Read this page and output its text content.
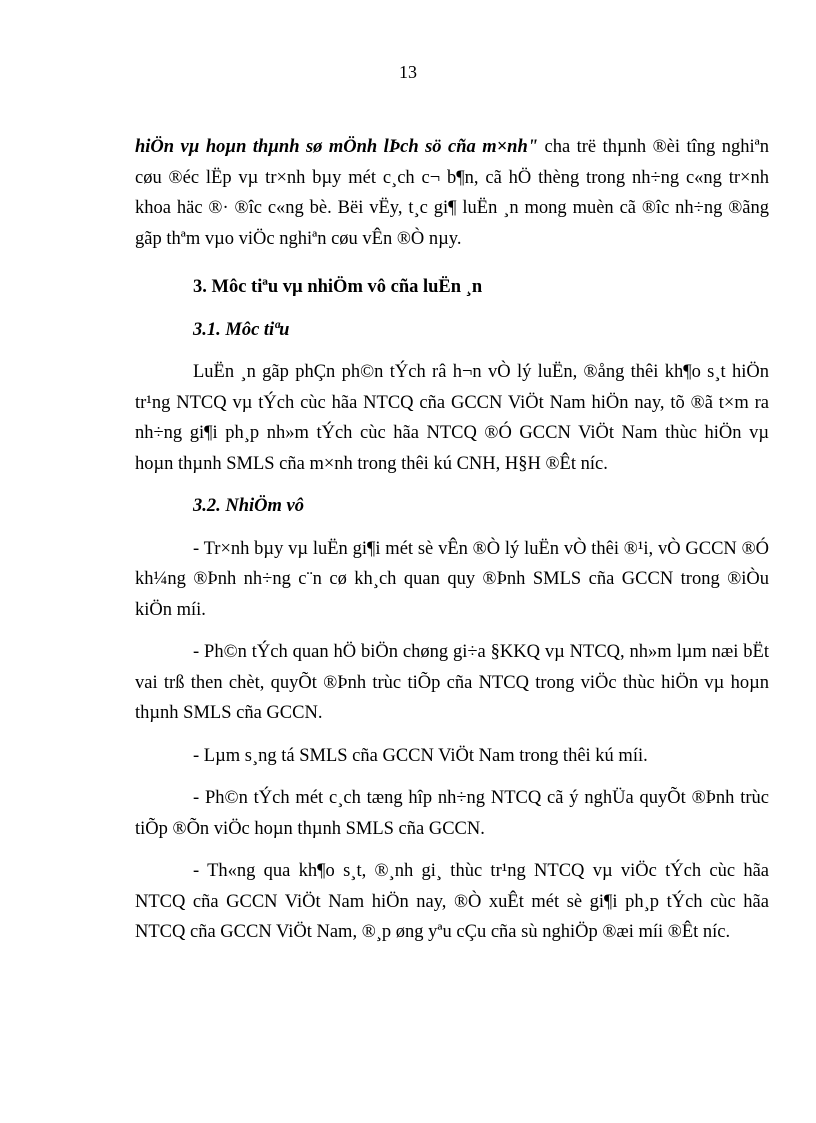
13

hiÖn vµ hoµn thµnh sø mÖnh lÞch sö cña m×nh" cha trë thµnh ®èi tîng nghiªn cøu ®éc lËp vµ tr×nh bµy mét c¸ch c¬ b¶n, cã hÖ thèng trong nh÷ng c«ng tr×nh khoa häc ®· ®îc c«ng bè. Bëi vËy, t¸c gi¶ luËn ¸n mong muèn cã ®îc nh÷ng ®ãng gãp thªm vµo viÖc nghiªn cøu vÊn ®Ò nµy.

3. Môc tiªu vµ nhiÖm vô cña luËn ¸n

3.1. Môc tiªu

LuËn ¸n gãp phÇn ph©n tÝch râ h¬n vÒ lý luËn, ®ång thêi kh¶o s¸t hiÖn tr¹ng NTCQ vµ tÝch cùc hãa NTCQ cña GCCN ViÖt Nam hiÖn nay, tõ ®ã t×m ra nh÷ng gi¶i ph¸p nh»m tÝch cùc hãa NTCQ ®Ó GCCN ViÖt Nam thùc hiÖn vµ hoµn thµnh SMLS cña m×nh trong thêi kú CNH, H§H ®Êt níc.

3.2. NhiÖm vô

- Tr×nh bµy vµ luËn gi¶i mét sè vÊn ®Ò lý luËn vÒ thêi ®¹i, vÒ GCCN ®Ó kh¼ng ®Þnh nh÷ng c¨n cø kh¸ch quan quy ®Þnh SMLS cña GCCN trong ®iÒu kiÖn míi.

- Ph©n tÝch quan hÖ biÖn chøng gi÷a §KKQ vµ NTCQ, nh»m lµm næi bËt vai trß then chèt, quyÕt ®Þnh trùc tiÕp cña NTCQ trong viÖc thùc hiÖn vµ hoµn thµnh SMLS cña GCCN.

- Lµm s¸ng tá SMLS cña GCCN ViÖt Nam trong thêi kú míi.

- Ph©n tÝch mét c¸ch tæng hîp nh÷ng NTCQ cã ý nghÜa quyÕt ®Þnh trùc tiÕp ®Õn viÖc hoµn thµnh SMLS cña GCCN.

- Th«ng qua kh¶o s¸t, ®¸nh gi¸ thùc tr¹ng NTCQ vµ viÖc tÝch cùc hãa NTCQ cña GCCN ViÖt Nam hiÖn nay, ®Ò xuÊt mét sè gi¶i ph¸p tÝch cùc hãa NTCQ cña GCCN ViÖt Nam, ®¸p øng yªu cÇu cña sù nghiÖp ®æi míi ®Êt níc.
